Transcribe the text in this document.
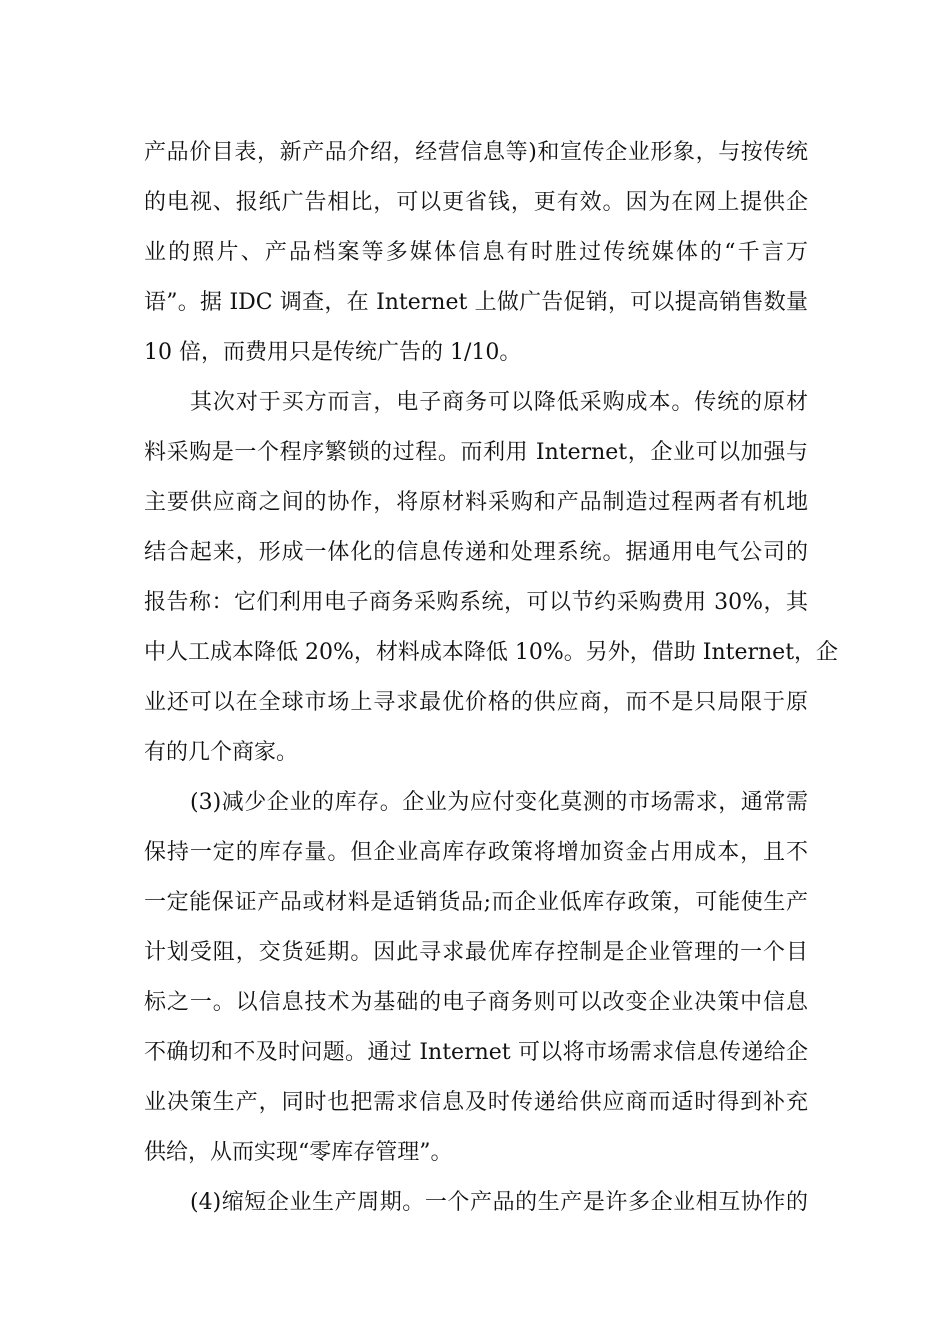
产品价目表，新产品介绍，经营信息等)和宣传企业形象，与按传统

的电视、报纸广告相比，可以更省钱，更有效。因为在网上提供企

业的照片、产品档案等多媒体信息有时胜过传统媒体的“千言万

语”。据 IDC 调查，在 Internet 上做广告促销，可以提高销售数量

10 倍，而费用只是传统广告的 1/10。

其次对于买方而言，电子商务可以降低采购成本。传统的原材

料采购是一个程序繁锁的过程。而利用 Internet，企业可以加强与

主要供应商之间的协作，将原材料采购和产品制造过程两者有机地

结合起来，形成一体化的信息传递和处理系统。据通用电气公司的

报告称：它们利用电子商务采购系统，可以节约采购费用 30%，其

中人工成本降低 20%，材料成本降低 10%。另外，借助 Internet，企

业还可以在全球市场上寻求最优价格的供应商，而不是只局限于原

有的几个商家。

(3)减少企业的库存。企业为应付变化莫测的市场需求，通常需

保持一定的库存量。但企业高库存政策将增加资金占用成本，且不

一定能保证产品或材料是适销货品;而企业低库存政策，可能使生产

计划受阻，交货延期。因此寻求最优库存控制是企业管理的一个目

标之一。以信息技术为基础的电子商务则可以改变企业决策中信息

不确切和不及时问题。通过 Internet 可以将市场需求信息传递给企

业决策生产，同时也把需求信息及时传递给供应商而适时得到补充

供给，从而实现“零库存管理”。

(4)缩短企业生产周期。一个产品的生产是许多企业相互协作的
